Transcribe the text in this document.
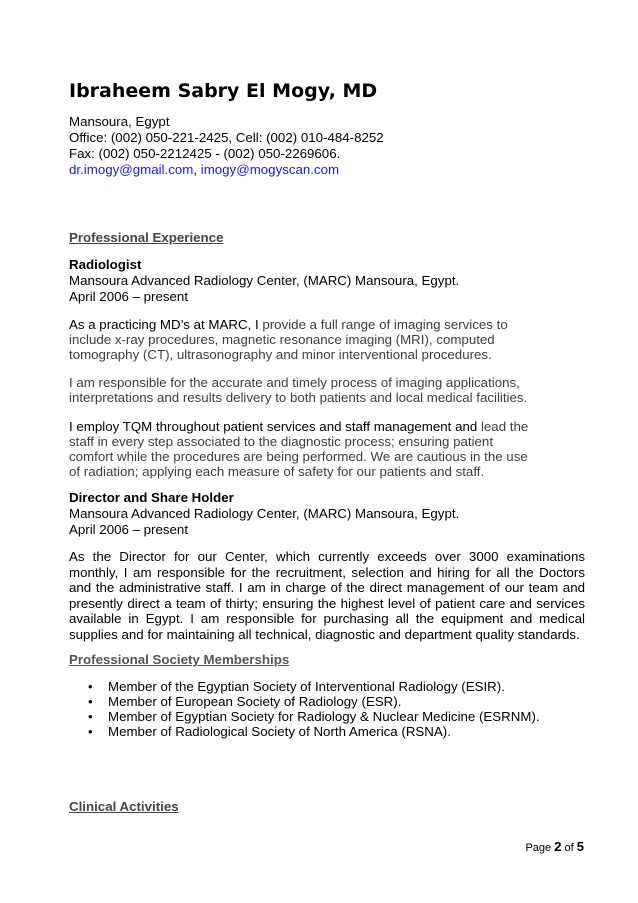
Ibraheem Sabry El Mogy, MD
Mansoura, Egypt
Office: (002) 050-221-2425, Cell: (002) 010-484-8252
Fax: (002) 050-2212425 - (002) 050-2269606.
dr.imogy@gmail.com, imogy@mogyscan.com
Professional Experience
Radiologist
Mansoura Advanced Radiology Center, (MARC) Mansoura, Egypt.
April 2006 – present
As a practicing MD’s at MARC, I provide a full range of imaging services to
include x-ray procedures, magnetic resonance imaging (MRI), computed
tomography (CT), ultrasonography and minor interventional procedures.
I am responsible for the accurate and timely process of imaging applications,
interpretations and results delivery to both patients and local medical facilities.
I employ TQM throughout patient services and staff management and lead the
staff in every step associated to the diagnostic process; ensuring patient
comfort while the procedures are being performed. We are cautious in the use
of radiation; applying each measure of safety for our patients and staff.
Director and Share Holder
Mansoura Advanced Radiology Center, (MARC) Mansoura, Egypt.
April 2006 – present

As the Director for our Center, which currently exceeds over 3000 examinations monthly, I am responsible for the recruitment, selection and hiring for all the Doctors and the administrative staff. I am in charge of the direct management of our team and presently direct a team of thirty; ensuring the highest level of patient care and services available in Egypt. I am responsible for purchasing all the equipment and medical supplies and for maintaining all technical, diagnostic and department quality standards.

Professional Society Memberships
• Member of the Egyptian Society of Interventional Radiology (ESIR).
• Member of European Society of Radiology (ESR).
• Member of Egyptian Society for Radiology & Nuclear Medicine (ESRNM).
• Member of Radiological Society of North America (RSNA).
Clinical Activities
Page 2 of 5
